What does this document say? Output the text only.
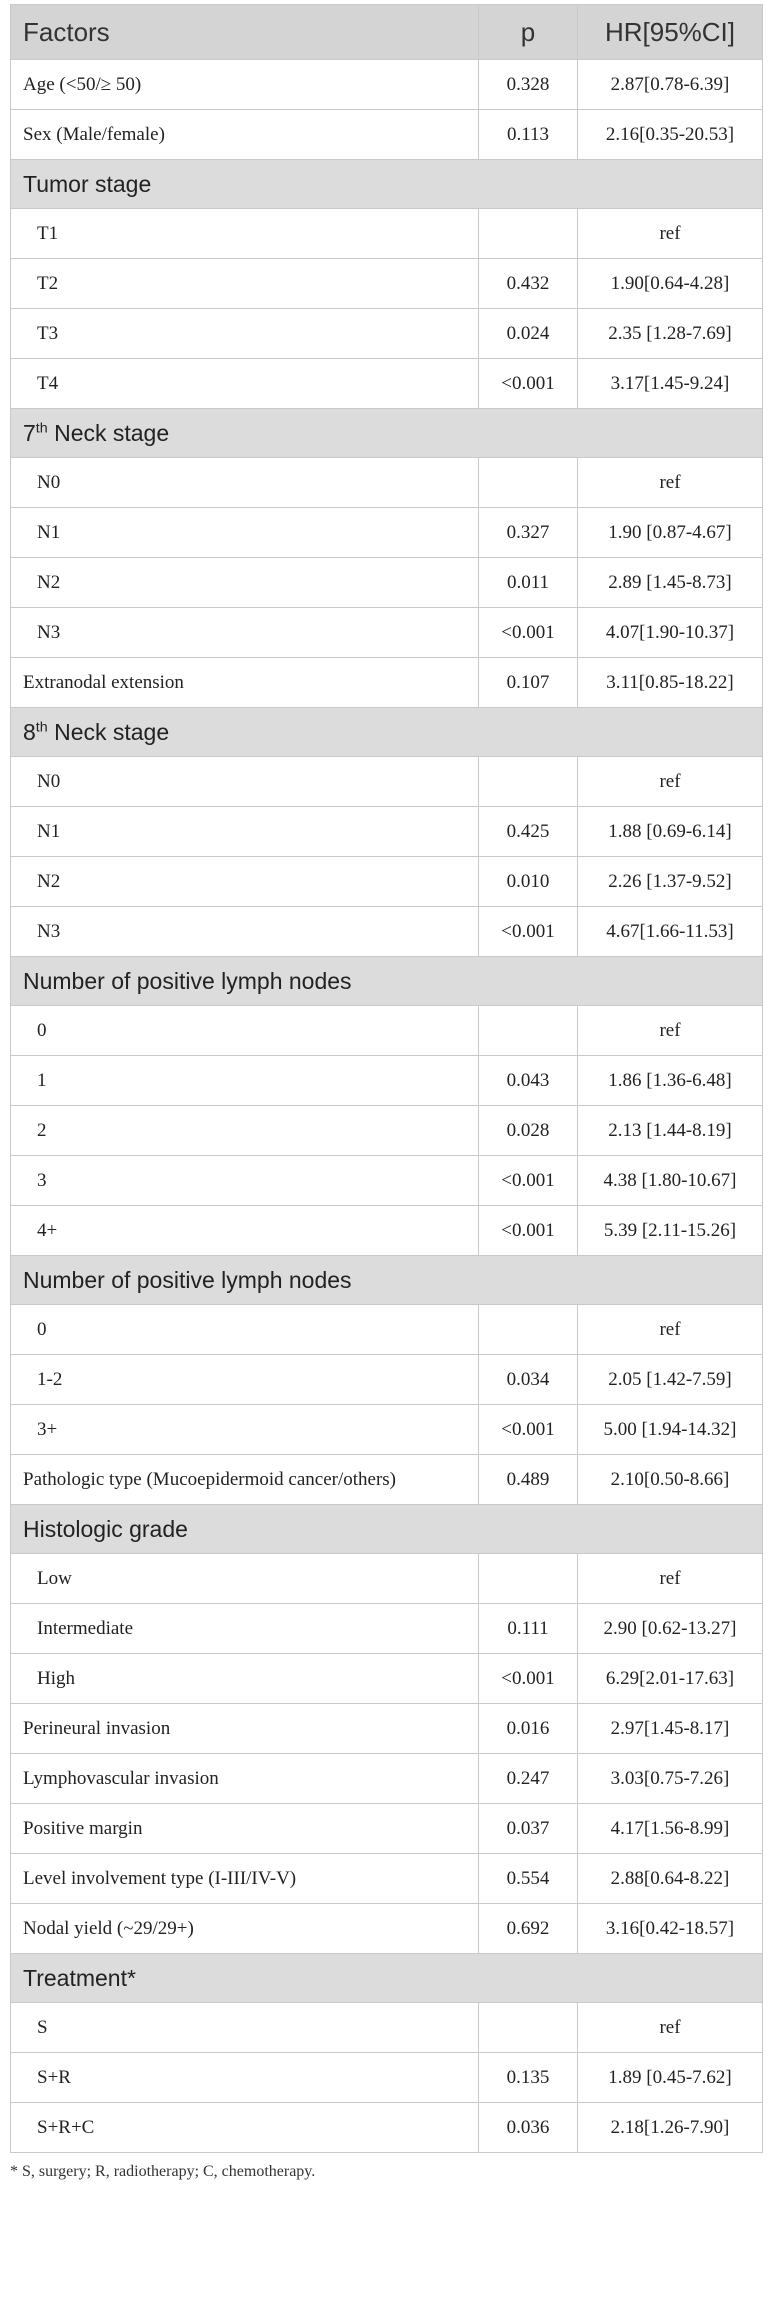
Factors	p	HR[95%CI]
Age (<50/≥ 50)	0.328	2.87[0.78-6.39]
Sex (Male/female)	0.113	2.16[0.35-20.53]
Tumor stage		
T1		ref
T2	0.432	1.90[0.64-4.28]
T3	0.024	2.35 [1.28-7.69]
T4	<0.001	3.17[1.45-9.24]
7th Neck stage		
N0		ref
N1	0.327	1.90 [0.87-4.67]
N2	0.011	2.89 [1.45-8.73]
N3	<0.001	4.07[1.90-10.37]
Extranodal extension	0.107	3.11[0.85-18.22]
8th Neck stage		
N0		ref
N1	0.425	1.88 [0.69-6.14]
N2	0.010	2.26 [1.37-9.52]
N3	<0.001	4.67[1.66-11.53]
Number of positive lymph nodes		
0		ref
1	0.043	1.86 [1.36-6.48]
2	0.028	2.13 [1.44-8.19]
3	<0.001	4.38 [1.80-10.67]
4+	<0.001	5.39 [2.11-15.26]
Number of positive lymph nodes		
0		ref
1-2	0.034	2.05 [1.42-7.59]
3+	<0.001	5.00 [1.94-14.32]
Pathologic type (Mucoepidermoid cancer/others)	0.489	2.10[0.50-8.66]
Histologic grade		
Low		ref
Intermediate	0.111	2.90 [0.62-13.27]
High	<0.001	6.29[2.01-17.63]
Perineural invasion	0.016	2.97[1.45-8.17]
Lymphovascular invasion	0.247	3.03[0.75-7.26]
Positive margin	0.037	4.17[1.56-8.99]
Level involvement type (I-III/IV-V)	0.554	2.88[0.64-8.22]
Nodal yield (~29/29+)	0.692	3.16[0.42-18.57]
Treatment*		
S		ref
S+R	0.135	1.89 [0.45-7.62]
S+R+C	0.036	2.18[1.26-7.90]
* S, surgery; R, radiotherapy; C, chemotherapy.
